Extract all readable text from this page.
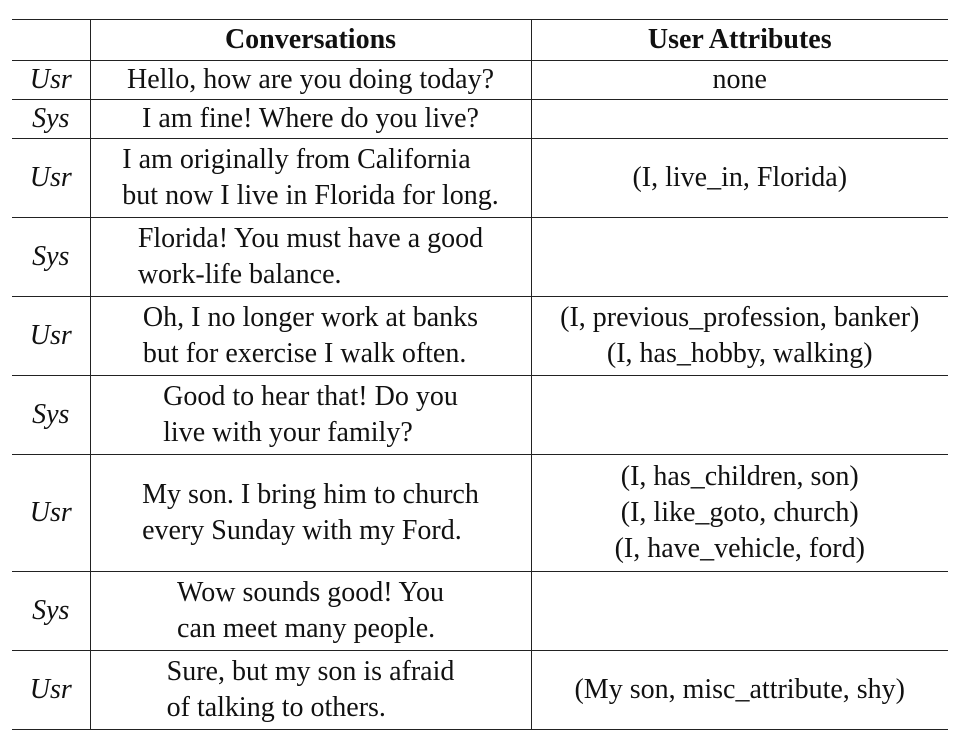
	Conversations	User Attributes
Usr	Hello, how are you doing today?	none

Sys	I am fine! Where do you live?	

Usr	I am originally from California
but now I live in Florida for long.	(I, live_in, Florida)

Sys	Florida! You must have a good
work-life balance.	

Usr	Oh, I no longer work at banks
but for exercise I walk often.	(I, previous_profession, banker)
(I, has_hobby, walking)

Sys	Good to hear that! Do you
live with your family?	

Usr	My son. I bring him to church
every Sunday with my Ford.	(I, has_children, son)
(I, like_goto, church)
(I, have_vehicle, ford)

Sys	Wow sounds good! You
can meet many people.	

Usr	Sure, but my son is afraid
of talking to others.	(My son, misc_attribute, shy)
